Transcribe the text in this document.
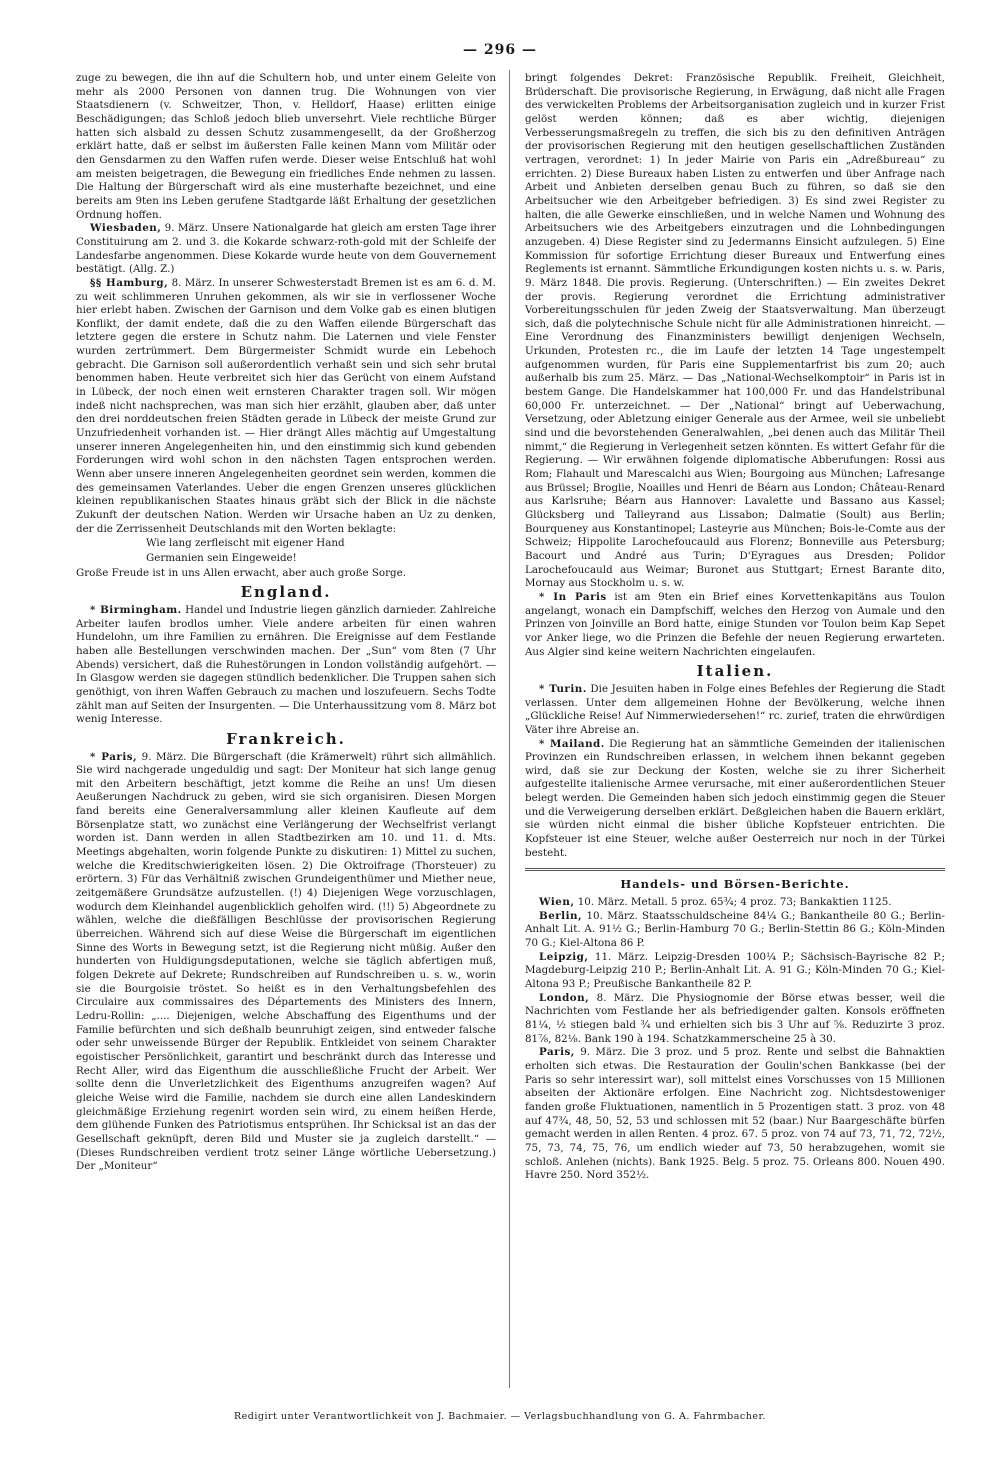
— 296 —

zuge zu bewegen, die ihn auf die Schultern hob, und unter einem Geleite von mehr als 2000 Personen von dannen trug. Die Wohnungen von vier Staatsdienern (v. Schweitzer, Thon, v. Helldorf, Haase) erlitten einige Beschädigungen; das Schloß jedoch blieb unversehrt. Viele rechtliche Bürger hatten sich alsbald zu dessen Schutz zusammengesellt, da der Großherzog erklärt hatte, daß er selbst im äußersten Falle keinen Mann vom Militär oder den Gensdarmen zu den Waffen rufen werde. Dieser weise Entschluß hat wohl am meisten beigetragen, die Bewegung ein friedliches Ende nehmen zu lassen. Die Haltung der Bürgerschaft wird als eine musterhafte bezeichnet, und eine bereits am 9ten ins Leben gerufene Stadtgarde läßt Erhaltung der gesetzlichen Ordnung hoffen.

Wiesbaden, 9. März. Unsere Nationalgarde hat gleich am ersten Tage ihrer Constituirung am 2. und 3. die Kokarde schwarz-roth-gold mit der Schleife der Landesfarbe angenommen. Diese Kokarde wurde heute von dem Gouvernement bestätigt. (Allg. Z.)

§§ Hamburg, 8. März. In unserer Schwesterstadt Bremen ist es am 6. d. M. zu weit schlimmeren Unruhen gekommen, als wir sie in verflossener Woche hier erlebt haben. Zwischen der Garnison und dem Volke gab es einen blutigen Konflikt, der damit endete, daß die zu den Waffen eilende Bürgerschaft das letztere gegen die erstere in Schutz nahm. Die Laternen und viele Fenster wurden zertrümmert. Dem Bürgermeister Schmidt wurde ein Lebehoch gebracht. Die Garnison soll außerordentlich verhaßt sein und sich sehr brutal benommen haben. Heute verbreitet sich hier das Gerücht von einem Aufstand in Lübeck, der noch einen weit ernsteren Charakter tragen soll. Wir mögen indeß nicht nachsprechen, was man sich hier erzählt, glauben aber, daß unter den drei norddeutschen freien Städten gerade in Lübeck der meiste Grund zur Unzufriedenheit vorhanden ist. — Hier drängt Alles mächtig auf Umgestaltung unserer inneren Angelegenheiten hin, und den einstimmig sich kund gebenden Forderungen wird wohl schon in den nächsten Tagen entsprochen werden. Wenn aber unsere inneren Angelegenheiten geordnet sein werden, kommen die des gemeinsamen Vaterlandes. Ueber die engen Grenzen unseres glücklichen kleinen republikanischen Staates hinaus gräbt sich der Blick in die nächste Zukunft der deutschen Nation. Werden wir Ursache haben an Uz zu denken, der die Zerrissenheit Deutschlands mit den Worten beklagte:

Wie lang zerfleischt mit eigener Hand

Germanien sein Eingeweide!

Große Freude ist in uns Allen erwacht, aber auch große Sorge.

England.

* Birmingham. Handel und Industrie liegen gänzlich darnieder. Zahlreiche Arbeiter laufen brodlos umher. Viele andere arbeiten für einen wahren Hundelohn, um ihre Familien zu ernähren. Die Ereignisse auf dem Festlande haben alle Bestellungen verschwinden machen. Der „Sun“ vom 8ten (7 Uhr Abends) versichert, daß die Ruhestörungen in London vollständig aufgehört. — In Glasgow werden sie dagegen stündlich bedenklicher. Die Truppen sahen sich genöthigt, von ihren Waffen Gebrauch zu machen und loszufeuern. Sechs Todte zählt man auf Seiten der Insurgenten. — Die Unterhaussitzung vom 8. März bot wenig Interesse.

Frankreich.

* Paris, 9. März. Die Bürgerschaft (die Krämerwelt) rührt sich allmählich. Sie wird nachgerade ungeduldig und sagt: Der Moniteur hat sich lange genug mit den Arbeitern beschäftigt, jetzt komme die Reihe an uns! Um diesen Aeußerungen Nachdruck zu geben, wird sie sich organisiren. Diesen Morgen fand bereits eine Generalversammlung aller kleinen Kaufleute auf dem Börsenplatze statt, wo zunächst eine Verlängerung der Wechselfrist verlangt worden ist. Dann werden in allen Stadtbezirken am 10. und 11. d. Mts. Meetings abgehalten, worin folgende Punkte zu diskutiren: 1) Mittel zu suchen, welche die Kreditschwierigkeiten lösen. 2) Die Oktroifrage (Thorsteuer) zu erörtern. 3) Für das Verhältniß zwischen Grundeigenthümer und Miether neue, zeitgemäßere Grundsätze aufzustellen. (!) 4) Diejenigen Wege vorzuschlagen, wodurch dem Kleinhandel augenblicklich geholfen wird. (!!) 5) Abgeordnete zu wählen, welche die dießfälligen Beschlüsse der provisorischen Regierung überreichen. Während sich auf diese Weise die Bürgerschaft im eigentlichen Sinne des Worts in Bewegung setzt, ist die Regierung nicht müßig. Außer den hunderten von Huldigungsdeputationen, welche sie täglich abfertigen muß, folgen Dekrete auf Dekrete; Rundschreiben auf Rundschreiben u. s. w., worin sie die Bourgoisie tröstet. So heißt es in den Verhaltungsbefehlen des Circulaire aux commissaires des Départements des Ministers des Innern, Ledru-Rollin: „.... Diejenigen, welche Abschaffung des Eigenthums und der Familie befürchten und sich deßhalb beunruhigt zeigen, sind entweder falsche oder sehr unweissende Bürger der Republik. Entkleidet von seinem Charakter egoistischer Persönlichkeit, garantirt und beschränkt durch das Interesse und Recht Aller, wird das Eigenthum die ausschließliche Frucht der Arbeit. Wer sollte denn die Unverletzlichkeit des Eigenthums anzugreifen wagen? Auf gleiche Weise wird die Familie, nachdem sie durch eine allen Landeskindern gleichmäßige Erziehung regenirt worden sein wird, zu einem heißen Herde, dem glühende Funken des Patriotismus entsprühen. Ihr Schicksal ist an das der Gesellschaft geknüpft, deren Bild und Muster sie ja zugleich darstellt.“ — (Dieses Rundschreiben verdient trotz seiner Länge wörtliche Uebersetzung.) Der „Moniteur“

bringt folgendes Dekret: Französische Republik. Freiheit, Gleichheit, Brüderschaft. Die provisorische Regierung, in Erwägung, daß nicht alle Fragen des verwickelten Problems der Arbeitsorganisation zugleich und in kurzer Frist gelöst werden können; daß es aber wichtig, diejenigen Verbesserungsmaßregeln zu treffen, die sich bis zu den definitiven Anträgen der provisorischen Regierung mit den heutigen gesellschaftlichen Zuständen vertragen, verordnet: 1) In jeder Mairie von Paris ein „Adreßbureau“ zu errichten. 2) Diese Bureaux haben Listen zu entwerfen und über Anfrage nach Arbeit und Anbieten derselben genau Buch zu führen, so daß sie den Arbeitsucher wie den Arbeitgeber befriedigen. 3) Es sind zwei Register zu halten, die alle Gewerke einschließen, und in welche Namen und Wohnung des Arbeitsuchers wie des Arbeitgebers einzutragen und die Lohnbedingungen anzugeben. 4) Diese Register sind zu Jedermanns Einsicht aufzulegen. 5) Eine Kommission für sofortige Errichtung dieser Bureaux und Entwerfung eines Reglements ist ernannt. Sämmtliche Erkundigungen kosten nichts u. s. w. Paris, 9. März 1848. Die provis. Regierung. (Unterschriften.) — Ein zweites Dekret der provis. Regierung verordnet die Errichtung administrativer Vorbereitungsschulen für jeden Zweig der Staatsverwaltung. Man überzeugt sich, daß die polytechnische Schule nicht für alle Administrationen hinreicht. — Eine Verordnung des Finanzministers bewilligt denjenigen Wechseln, Urkunden, Protesten rc., die im Laufe der letzten 14 Tage ungestempelt aufgenommen wurden, für Paris eine Supplementarfrist bis zum 20; auch außerhalb bis zum 25. März. — Das „National-Wechselkomptoir“ in Paris ist in bestem Gange. Die Handelskammer hat 100,000 Fr. und das Handelstribunal 60,000 Fr. unterzeichnet. — Der „National“ bringt auf Ueberwachung, Versetzung, oder Abletzung einiger Generale aus der Armee, weil sie unbeliebt sind und die bevorstehenden Generalwahlen, „bei denen auch das Militär Theil nimmt,“ die Regierung in Verlegenheit setzen könnten. Es wittert Gefahr für die Regierung. — Wir erwähnen folgende diplomatische Abberufungen: Rossi aus Rom; Flahault und Marescalchi aus Wien; Bourgoing aus München; Lafresange aus Brüssel; Broglie, Noailles und Henri de Béarn aus London; Château-Renard aus Karlsruhe; Béarn aus Hannover: Lavalette und Bassano aus Kassel; Glücksberg und Talleyrand aus Lissabon; Dalmatie (Soult) aus Berlin; Bourqueney aus Konstantinopel; Lasteyrie aus München; Bois-le-Comte aus der Schweiz; Hippolite Larochefoucauld aus Florenz; Bonneville aus Petersburg; Bacourt und André aus Turin; D'Eyragues aus Dresden; Polidor Larochefoucauld aus Weimar; Buronet aus Stuttgart; Ernest Barante dito, Mornay aus Stockholm u. s. w.

* In Paris ist am 9ten ein Brief eines Korvettenkapitäns aus Toulon angelangt, wonach ein Dampfschiff, welches den Herzog von Aumale und den Prinzen von Joinville an Bord hatte, einige Stunden vor Toulon beim Kap Sepet vor Anker liege, wo die Prinzen die Befehle der neuen Regierung erwarteten. Aus Algier sind keine weitern Nachrichten eingelaufen.

Italien.

* Turin. Die Jesuiten haben in Folge eines Befehles der Regierung die Stadt verlassen. Unter dem allgemeinen Hohne der Bevölkerung, welche ihnen „Glückliche Reise! Auf Nimmerwiedersehen!“ rc. zurief, traten die ehrwürdigen Väter ihre Abreise an.

* Mailand. Die Regierung hat an sämmtliche Gemeinden der italienischen Provinzen ein Rundschreiben erlassen, in welchem ihnen bekannt gegeben wird, daß sie zur Deckung der Kosten, welche sie zu ihrer Sicherheit aufgestellte italienische Armee verursache, mit einer außerordentlichen Steuer belegt werden. Die Gemeinden haben sich jedoch einstimmig gegen die Steuer und die Verweigerung derselben erklärt. Deßgleichen haben die Bauern erklärt, sie würden nicht einmal die bisher übliche Kopfsteuer entrichten. Die Kopfsteuer ist eine Steuer, welche außer Oesterreich nur noch in der Türkei besteht.

Handels- und Börsen-Berichte.

Wien, 10. März. Metall. 5 proz. 65¾; 4 proz. 73; Bankaktien 1125.

Berlin, 10. März. Staatsschuldscheine 84¼ G.; Bankantheile 80 G.; Berlin-Anhalt Lit. A. 91½ G.; Berlin-Hamburg 70 G.; Berlin-Stettin 86 G.; Köln-Minden 70 G.; Kiel-Altona 86 P.

Leipzig, 11. März. Leipzig-Dresden 100¼ P.; Sächsisch-Bayrische 82 P.; Magdeburg-Leipzig 210 P.; Berlin-Anhalt Lit. A. 91 G.; Köln-Minden 70 G.; Kiel-Altona 93 P.; Preußische Bankantheile 82 P.

London, 8. März. Die Physiognomie der Börse etwas besser, weil die Nachrichten vom Festlande her als befriedigender galten. Konsols eröffneten 81¼, ½ stiegen bald ¾ und erhielten sich bis 3 Uhr auf ⅝. Reduzirte 3 proz. 81⅞, 82⅛. Bank 190 à 194. Schatzkammerscheine 25 à 30.

Paris, 9. März. Die 3 proz. und 5 proz. Rente und selbst die Bahnaktien erholten sich etwas. Die Restauration der Goulin'schen Bankkasse (bei der Paris so sehr interessirt war), soll mittelst eines Vorschusses von 15 Millionen abseiten der Aktionäre erfolgen. Eine Nachricht zog. Nichtsdestoweniger fanden große Fluktuationen, namentlich in 5 Prozentigen statt. 3 proz. von 48 auf 47¾, 48, 50, 52, 53 und schlossen mit 52 (baar.) Nur Baargeschäfte bürfen gemacht werden in allen Renten. 4 proz. 67. 5 proz. von 74 auf 73, 71, 72, 72½, 75, 73, 74, 75, 76, um endlich wieder auf 73, 50 herabzugehen, womit sie schloß. Anlehen (nichts). Bank 1925. Belg. 5 proz. 75. Orleans 800. Nouen 490. Havre 250. Nord 352½.

Redigirt unter Verantwortlichkeit von J. Bachmaier. — Verlagsbuchhandlung von G. A. Fahrmbacher.
